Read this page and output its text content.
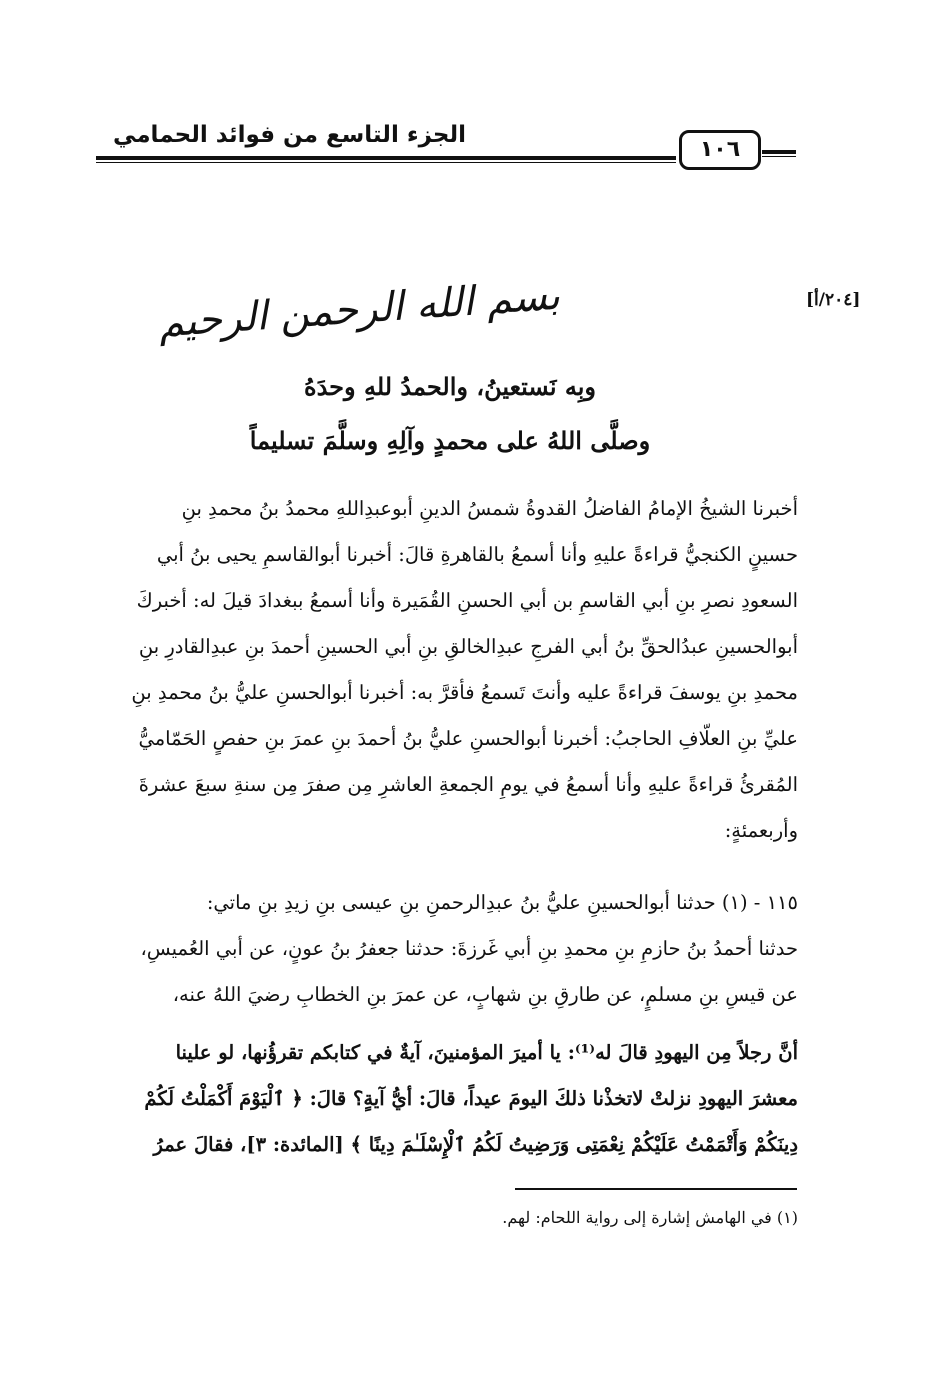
الجزء التاسع من فوائد الحمامي
١٠٦
[٢٠٤/أ]
بسم الله الرحمن الرحيم
وبِه نَستعينُ، والحمدُ للهِ وحدَهُ
وصلَّى اللهُ على محمدٍ وآلِهِ وسلَّمَ تسليماً
أخبرنا الشيخُ الإمامُ الفاضلُ القدوةُ شمسُ الدينِ أبوعبدِاللهِ محمدُ بنُ محمدِ بنِ
حسينٍ الكنجيُّ قراءةً عليهِ وأنا أسمعُ بالقاهرةِ قالَ: أخبرنا أبوالقاسمِ يحيى بنُ أبي
السعودِ نصرِ بنِ أبي القاسمِ بن أبي الحسنِ القُمَيرة وأنا أسمعُ ببغدادَ قيلَ له: أخبركَ
أبوالحسينِ عبدُالحقِّ بنُ أبي الفرجِ عبدِالخالقِ بنِ أبي الحسينِ أحمدَ بنِ عبدِالقادرِ بنِ
محمدِ بنِ يوسفَ قراءةً عليه وأنتَ تَسمعُ فأقرَّ به: أخبرنا أبوالحسنِ عليُّ بنُ محمدِ بنِ
عليِّ بنِ العلّافِ الحاجبُ: أخبرنا أبوالحسنِ عليُّ بنُ أحمدَ بنِ عمرَ بنِ حفصٍ الحَمّاميُّ
المُقرئُ قراءةً عليهِ وأنا أسمعُ في يومِ الجمعةِ العاشرِ مِن صفرَ مِن سنةِ سبعَ عشرةَ
وأربعمئةٍ:
١١٥ - (١) حدثنا أبوالحسينِ عليُّ بنُ عبدِالرحمنِ بنِ عيسى بنِ زيدِ بنِ ماتي:
حدثنا أحمدُ بنُ حازمِ بنِ محمدِ بنِ أبي غَرزةَ: حدثنا جعفرُ بنُ عونٍ، عن أبي العُميسِ،
عن قيسِ بنِ مسلمٍ، عن طارقِ بنِ شهابٍ، عن عمرَ بنِ الخطابِ رضيَ اللهُ عنه،
أنَّ رجلاً مِن اليهودِ قالَ له⁽¹⁾: يا أميرَ المؤمنينَ، آيةٌ في كتابكم تقرؤُنها، لو علينا
معشرَ اليهودِ نزلتْ لاتخذْنا ذلكَ اليومَ عيداً، قالَ: أيُّ آيةٍ؟ قالَ: ﴿ ٱلْيَوْمَ أَكْمَلْتُ لَكُمْ
دِينَكُمْ وَأَتْمَمْتُ عَلَيْكُمْ نِعْمَتِى وَرَضِيتُ لَكُمُ ٱلْإِسْلَـٰمَ دِينًا ﴾ [المائدة: ٣]، فقالَ عمرُ
(١) في الهامش إشارة إلى رواية اللحام: لهم.
